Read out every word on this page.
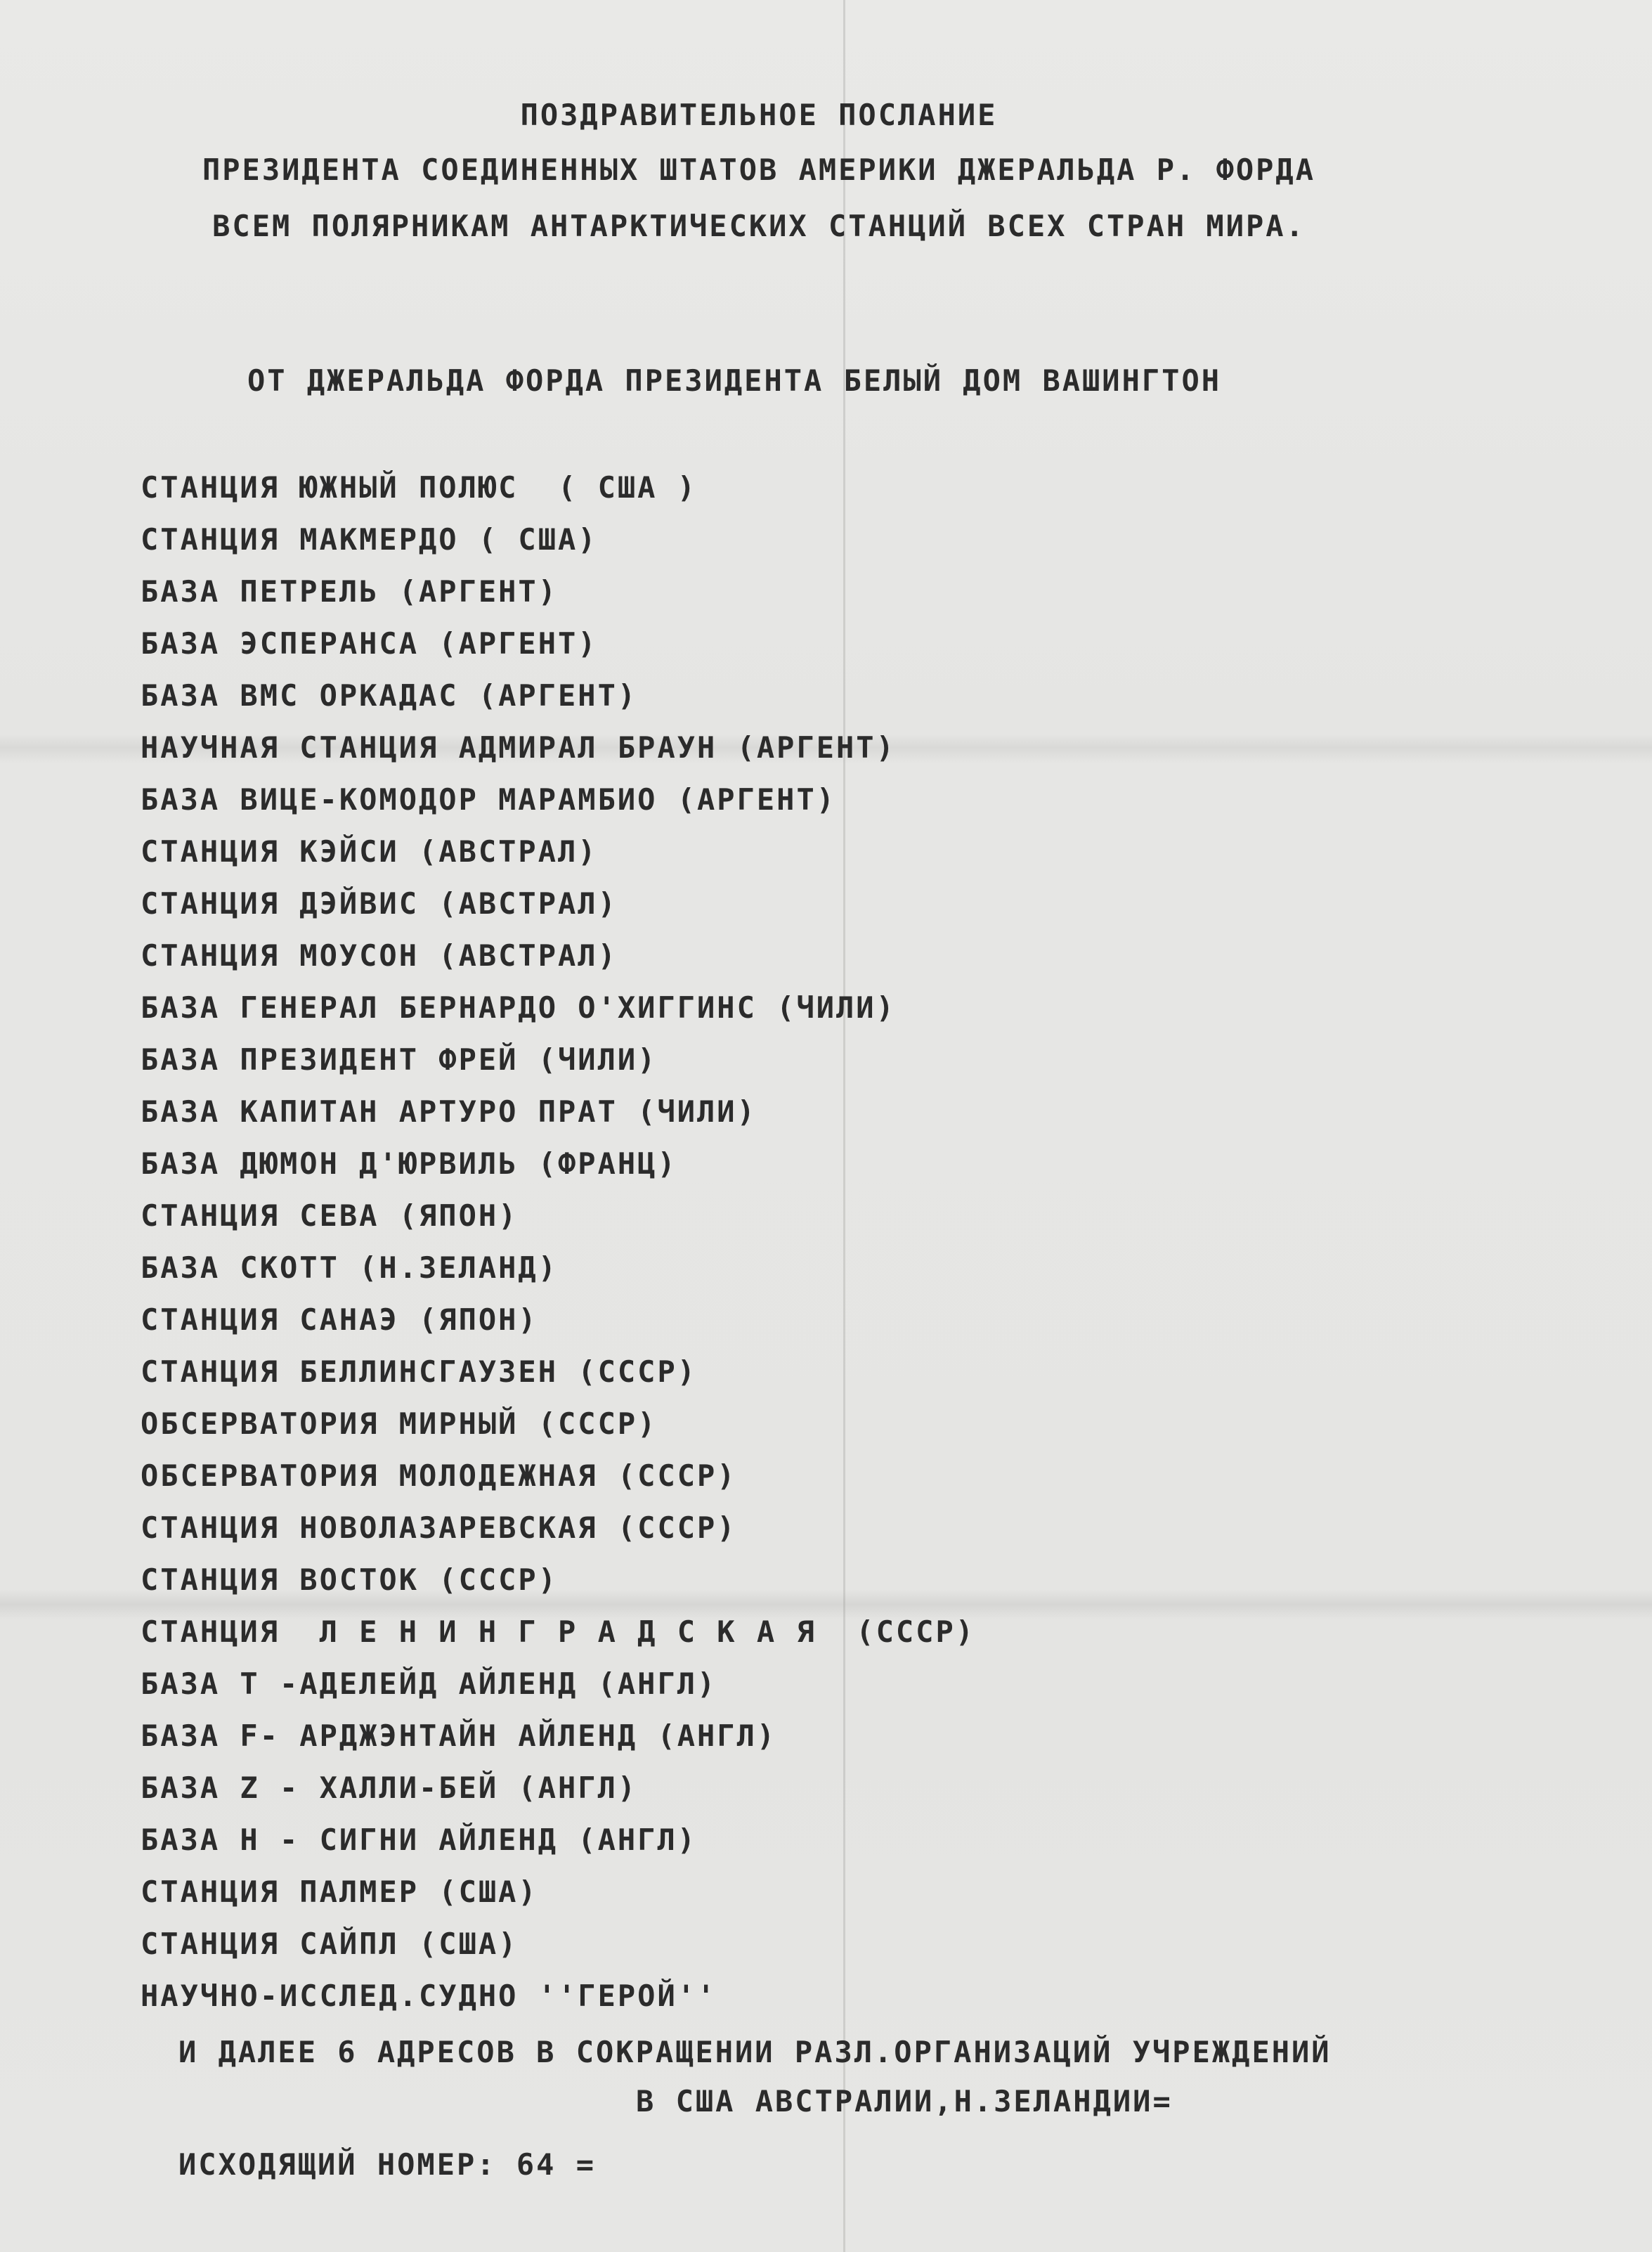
ПОЗДРАВИТЕЛЬНОЕ ПОСЛАНИЕ
ПРЕЗИДЕНТА СОЕДИНЕННЫХ ШТАТОВ АМЕРИКИ ДЖЕРАЛЬДА Р. ФОРДА
ВСЕМ ПОЛЯРНИКАМ АНТАРКТИЧЕСКИХ СТАНЦИЙ ВСЕХ СТРАН МИРА.
ОТ ДЖЕРАЛЬДА ФОРДА ПРЕЗИДЕНТА БЕЛЫЙ ДОМ ВАШИНГТОН
СТАНЦИЯ ЮЖНЫЙ ПОЛЮС  ( США )
СТАНЦИЯ МАКМЕРДО ( США)
БАЗА ПЕТРЕЛЬ (АРГЕНТ)
БАЗА ЭСПЕРАНСА (АРГЕНТ)
БАЗА ВМС ОРКАДАС (АРГЕНТ)
НАУЧНАЯ СТАНЦИЯ АДМИРАЛ БРАУН (АРГЕНТ)
БАЗА ВИЦЕ-КОМОДОР МАРАМБИО (АРГЕНТ)
СТАНЦИЯ КЭЙСИ (АВСТРАЛ)
СТАНЦИЯ ДЭЙВИС (АВСТРАЛ)
СТАНЦИЯ МОУСОН (АВСТРАЛ)
БАЗА ГЕНЕРАЛ БЕРНАРДО О'ХИГГИНС (ЧИЛИ)
БАЗА ПРЕЗИДЕНТ ФРЕЙ (ЧИЛИ)
БАЗА КАПИТАН АРТУРО ПРАТ (ЧИЛИ)
БАЗА ДЮМОН Д'ЮРВИЛЬ (ФРАНЦ)
СТАНЦИЯ СЕВА (ЯПОН)
БАЗА СКОТТ (Н.ЗЕЛАНД)
СТАНЦИЯ САНАЭ (ЯПОН)
СТАНЦИЯ БЕЛЛИНСГАУЗЕН (СССР)
ОБСЕРВАТОРИЯ МИРНЫЙ (СССР)
ОБСЕРВАТОРИЯ МОЛОДЕЖНАЯ (СССР)
СТАНЦИЯ НОВОЛАЗАРЕВСКАЯ (СССР)
СТАНЦИЯ ВОСТОК (СССР)
СТАНЦИЯ  Л Е Н И Н Г Р А Д С К А Я  (СССР)
БАЗА Т -АДЕЛЕЙД АЙЛЕНД (АНГЛ)
БАЗА F- АРДЖЭНТАЙН АЙЛЕНД (АНГЛ)
БАЗА Z - ХАЛЛИ-БЕЙ (АНГЛ)
БАЗА Н - СИГНИ АЙЛЕНД (АНГЛ)
СТАНЦИЯ ПАЛМЕР (США)
СТАНЦИЯ САЙПЛ (США)
НАУЧНО-ИССЛЕД.СУДНО ''ГЕРОЙ''
И ДАЛЕЕ 6 АДРЕСОВ В СОКРАЩЕНИИ РАЗЛ.ОРГАНИЗАЦИЙ УЧРЕЖДЕНИЙ
В США АВСТРАЛИИ,Н.ЗЕЛАНДИИ=
ИСХОДЯЩИЙ НОМЕР: 64 =
